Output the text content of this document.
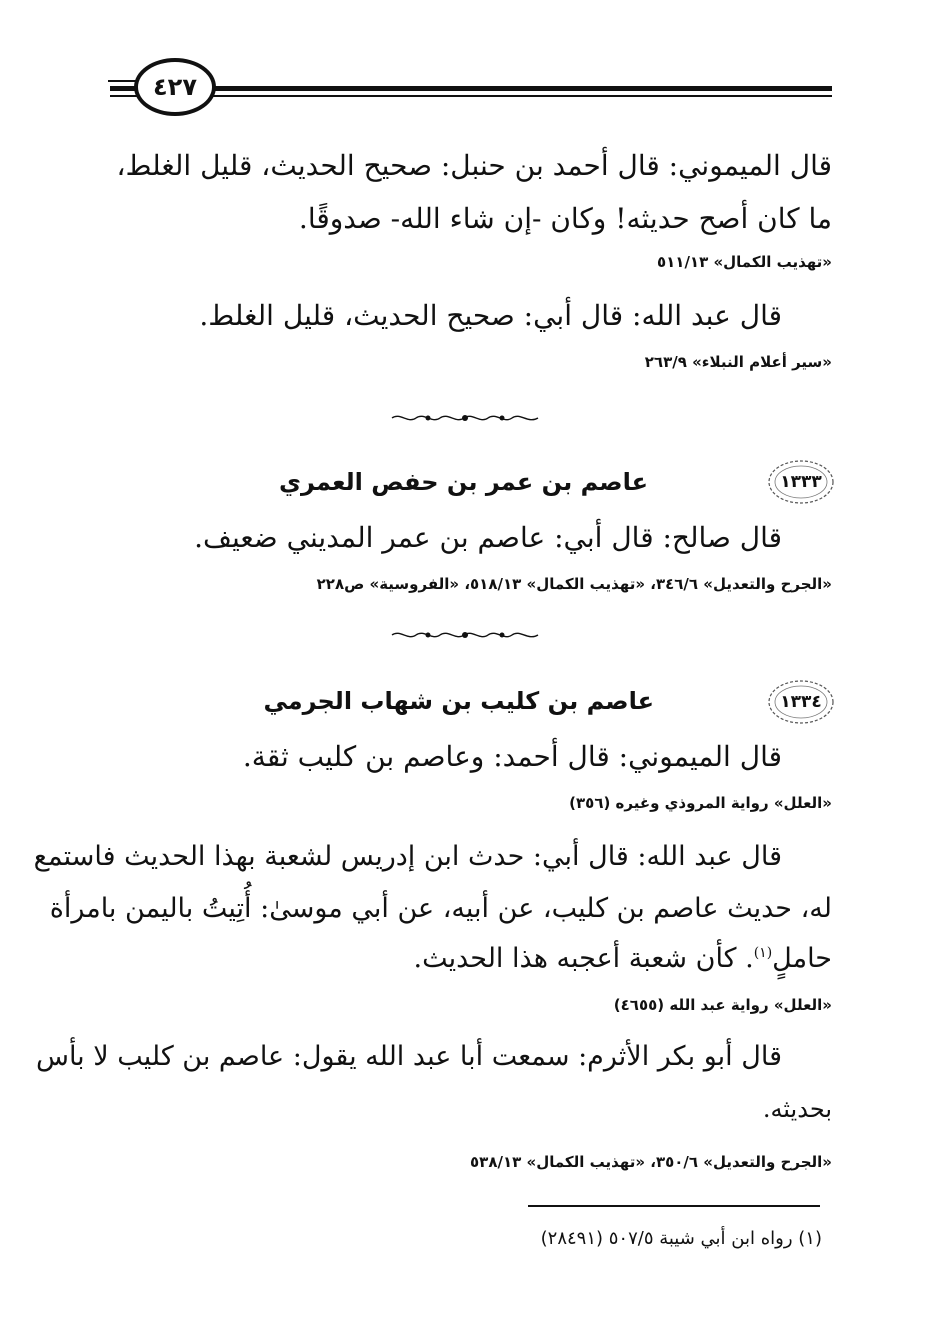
٤٢٧
قال الميموني: قال أحمد بن حنبل: صحيح الحديث، قليل الغلط،
ما كان أصح حديثه! وكان -إن شاء الله- صدوقًا.
«تهذيب الكمال» ٥١١/١٣
قال عبد الله: قال أبي: صحيح الحديث، قليل الغلط.
«سير أعلام النبلاء» ٢٦٣/٩
١٣٣٣
عاصم بن عمر بن حفص العمري
قال صالح: قال أبي: عاصم بن عمر المديني ضعيف.
«الجرح والتعديل» ٣٤٦/٦، «تهذيب الكمال» ٥١٨/١٣، «الفروسية» ص٢٢٨
١٣٣٤
عاصم بن كليب بن شهاب الجرمي
قال الميموني: قال أحمد: وعاصم بن كليب ثقة.
«العلل» رواية المروذي وغيره (٣٥٦)
قال عبد الله: قال أبي: حدث ابن إدريس لشعبة بهذا الحديث فاستمع
له، حديث عاصم بن كليب، عن أبيه، عن أبي موسىٰ: أُتِيتُ باليمن بامرأة
حاملٍ$^{(١)}$. كأن شعبة أعجبه هذا الحديث.
«العلل» رواية عبد الله (٤٦٥٥)
قال أبو بكر الأثرم: سمعت أبا عبد الله يقول: عاصم بن كليب لا بأس
بحديثه.
«الجرح والتعديل» ٣٥٠/٦، «تهذيب الكمال» ٥٣٨/١٣
(١) رواه ابن أبي شيبة ٥٠٧/٥ (٢٨٤٩١)
